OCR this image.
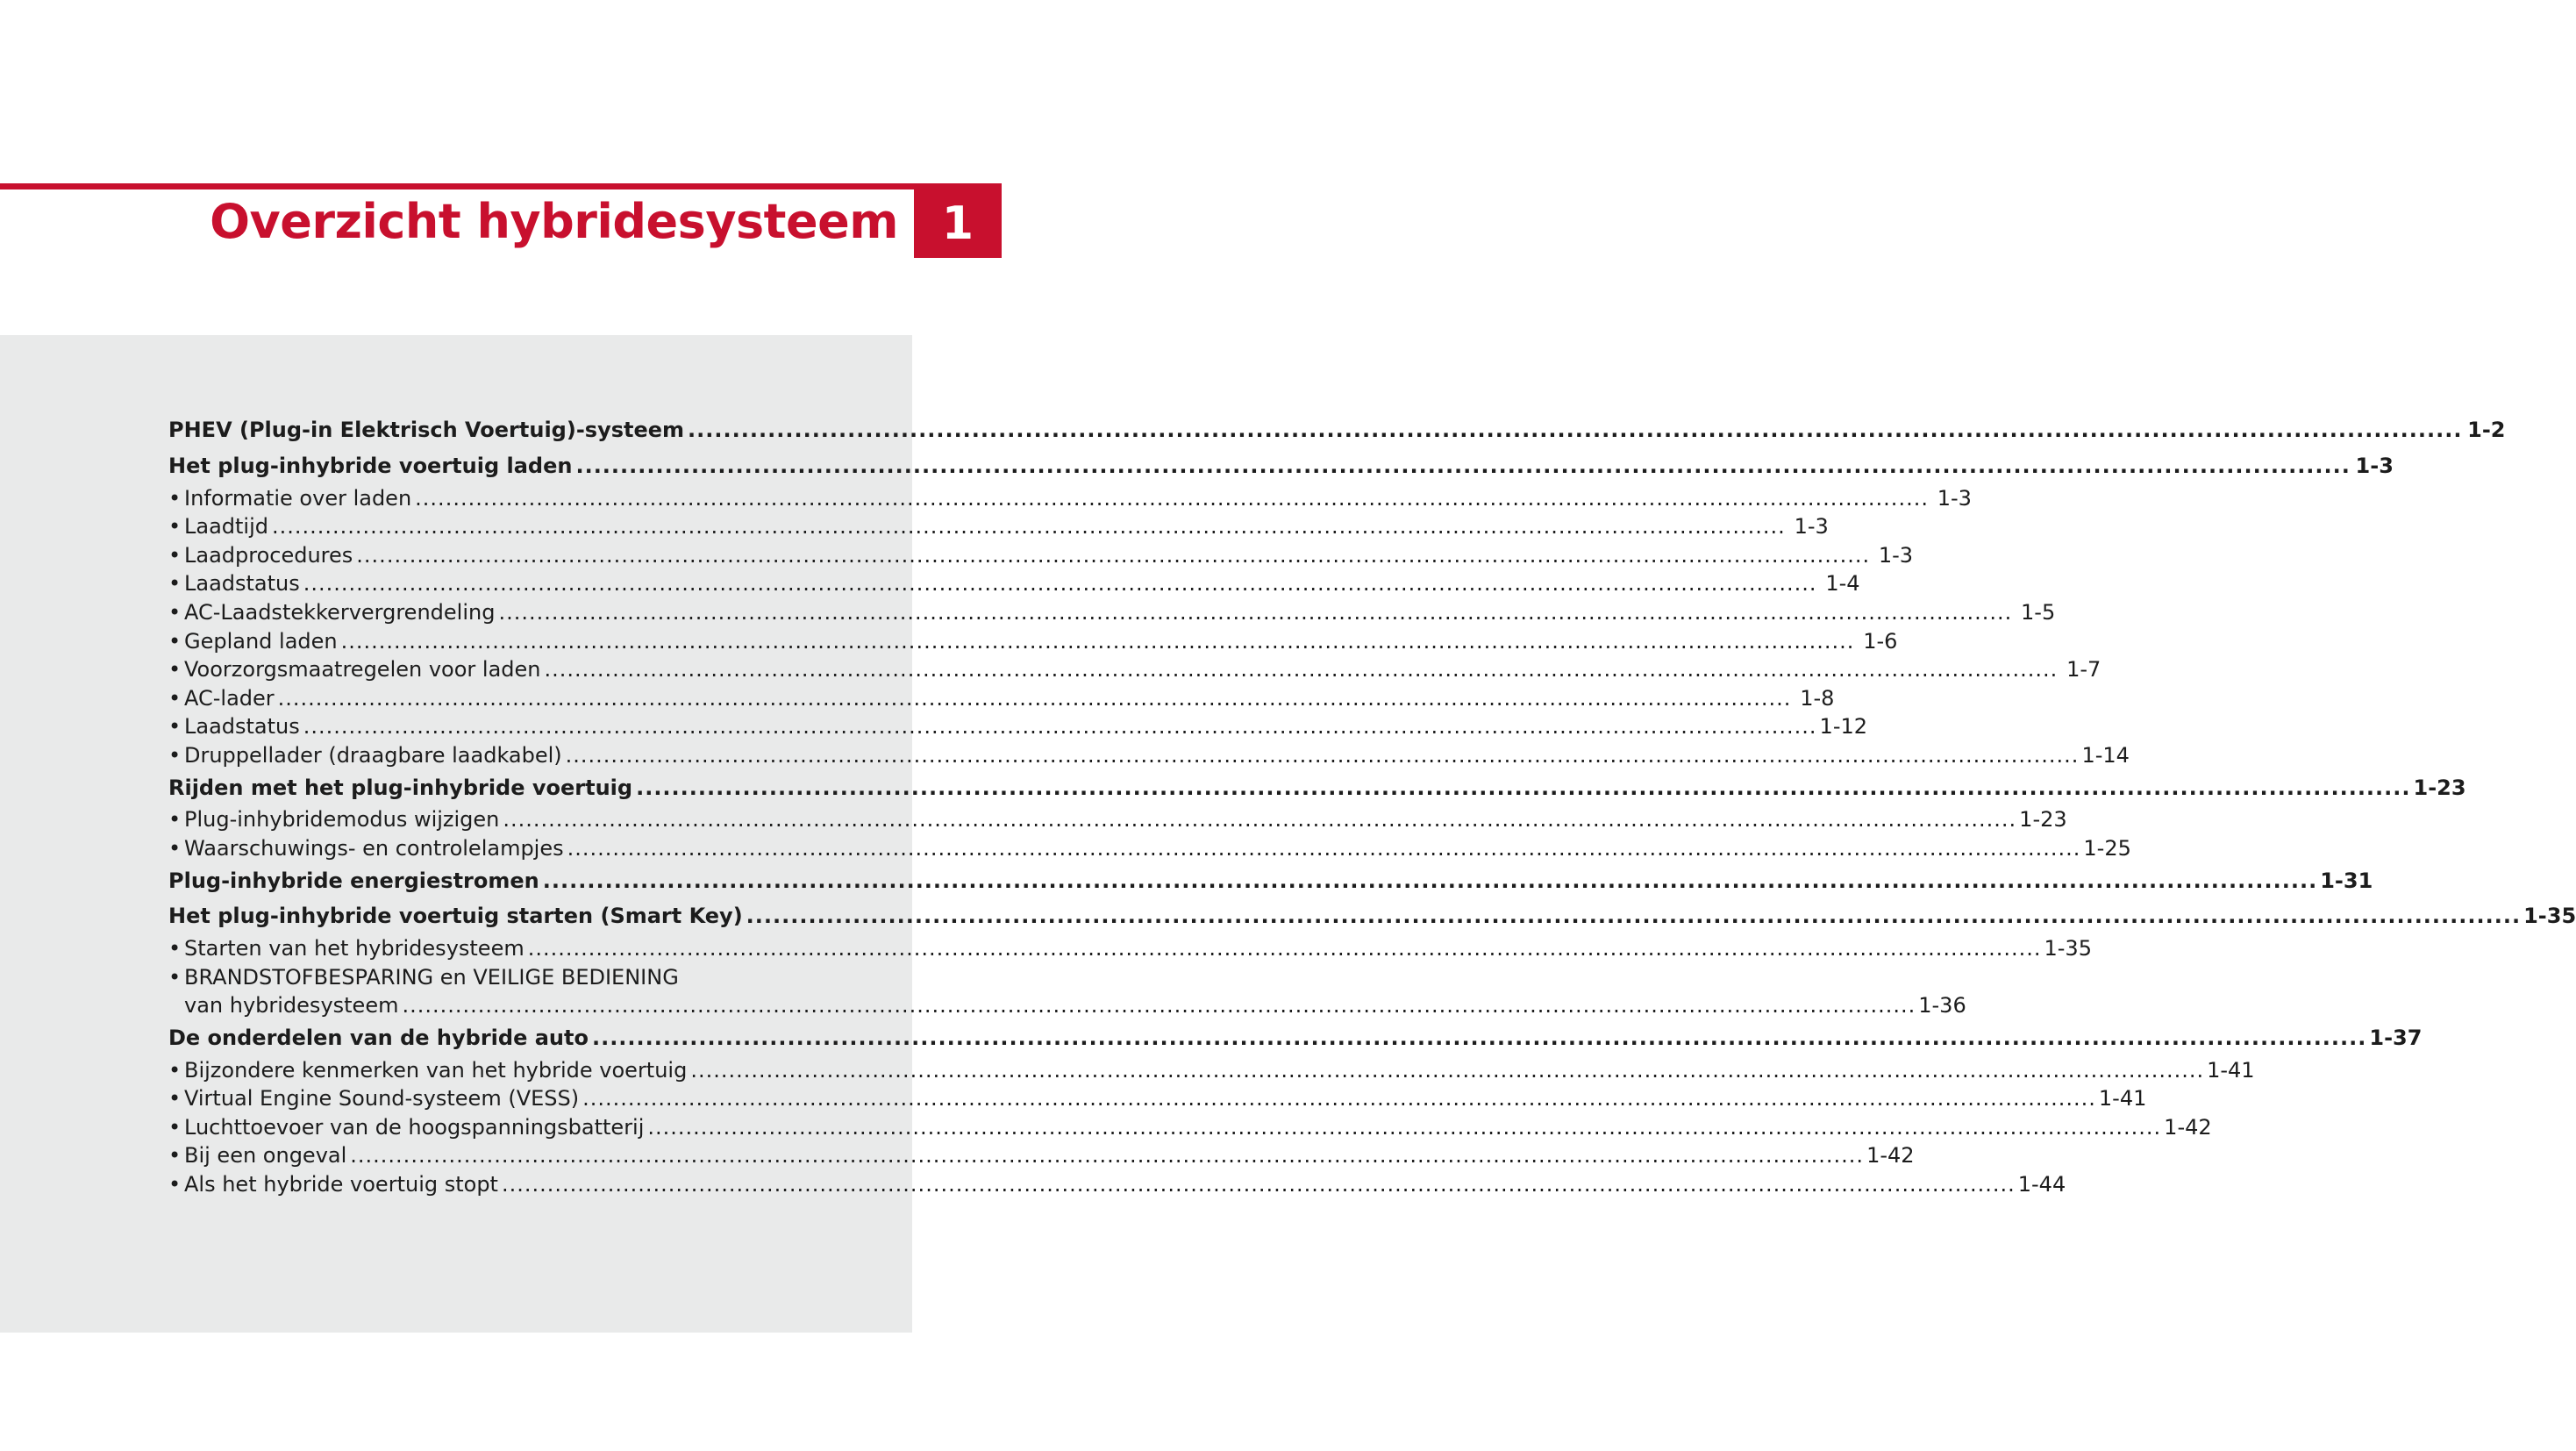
Overzicht hybridesysteem 1
PHEV (Plug-in Elektrisch Voertuig)-systeem ........................................................................................................................................................................................................ 1-2
Het plug-inhybride voertuig laden ........................................................................................................................................................................................................ 1-3
• Informatie over laden ........................................................................................................................................................................................................ 1-3
• Laadtijd ........................................................................................................................................................................................................ 1-3
• Laadprocedures ........................................................................................................................................................................................................ 1-3
• Laadstatus ........................................................................................................................................................................................................ 1-4
• AC-Laadstekkervergrendeling ........................................................................................................................................................................................................ 1-5
• Gepland laden ........................................................................................................................................................................................................ 1-6
• Voorzorgsmaatregelen voor laden ........................................................................................................................................................................................................ 1-7
• AC-lader ........................................................................................................................................................................................................ 1-8
• Laadstatus ........................................................................................................................................................................................................ 1-12
• Druppellader (draagbare laadkabel) ........................................................................................................................................................................................................ 1-14
Rijden met het plug-inhybride voertuig ........................................................................................................................................................................................................ 1-23
• Plug-inhybridemodus wijzigen ........................................................................................................................................................................................................ 1-23
• Waarschuwings- en controlelampjes ........................................................................................................................................................................................................ 1-25
Plug-inhybride energiestromen ........................................................................................................................................................................................................ 1-31
Het plug-inhybride voertuig starten (Smart Key) ........................................................................................................................................................................................................ 1-35
• Starten van het hybridesysteem ........................................................................................................................................................................................................ 1-35
• BRANDSTOFBESPARING en VEILIGE BEDIENING
van hybridesysteem ........................................................................................................................................................................................................ 1-36
De onderdelen van de hybride auto ........................................................................................................................................................................................................ 1-37
• Bijzondere kenmerken van het hybride voertuig ........................................................................................................................................................................................................ 1-41
• Virtual Engine Sound-systeem (VESS) ........................................................................................................................................................................................................ 1-41
• Luchttoevoer van de hoogspanningsbatterij ........................................................................................................................................................................................................ 1-42
• Bij een ongeval ........................................................................................................................................................................................................ 1-42
• Als het hybride voertuig stopt ........................................................................................................................................................................................................ 1-44
